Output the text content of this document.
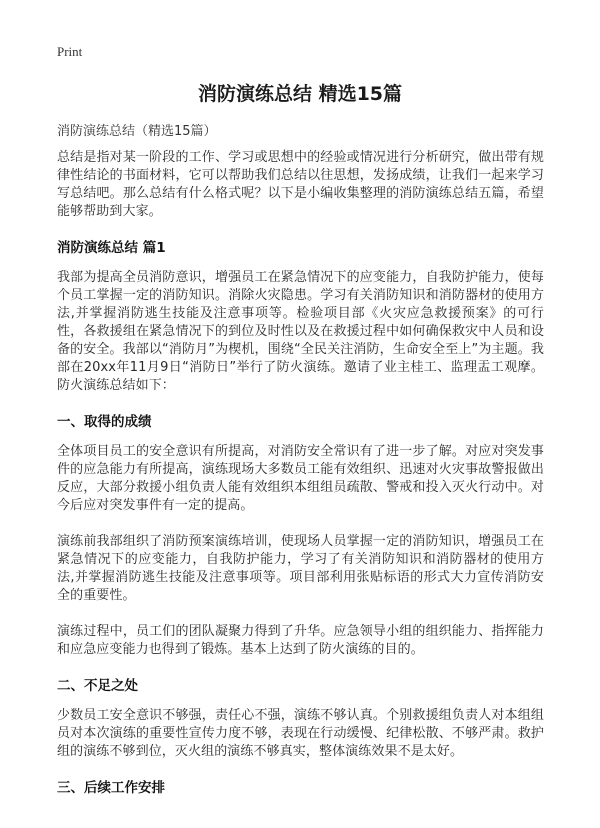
Print
消防演练总结 精选15篇

消防演练总结（精选15篇）

总结是指对某一阶段的工作、学习或思想中的经验或情况进行分析研究，做出带有规律性结论的书面材料，它可以帮助我们总结以往思想，发扬成绩，让我们一起来学习写总结吧。那么总结有什么格式呢？以下是小编收集整理的消防演练总结五篇，希望能够帮助到大家。

消防演练总结 篇1

我部为提高全员消防意识，增强员工在紧急情况下的应变能力，自我防护能力，使每个员工掌握一定的消防知识。消除火灾隐患。学习有关消防知识和消防器材的使用方法,并掌握消防逃生技能及注意事项等。检验项目部《火灾应急救援预案》的可行性，各救援组在紧急情况下的到位及时性以及在救援过程中如何确保救灾中人员和设备的安全。我部以“消防月”为楔机，围绕“全民关注消防，生命安全至上”为主题。我部在20xx年11月9日“消防日”举行了防火演练。邀请了业主桂工、监理盂工观摩。防火演练总结如下：

一、取得的成绩

全体项目员工的安全意识有所提高，对消防安全常识有了进一步了解。对应对突发事件的应急能力有所提高，演练现场大多数员工能有效组织、迅速对火灾事故警报做出反应，大部分救援小组负责人能有效组织本组组员疏散、警戒和投入灭火行动中。对今后应对突发事件有一定的提高。

演练前我部组织了消防预案演练培训，使现场人员掌握一定的消防知识，增强员工在紧急情况下的应变能力，自我防护能力，学习了有关消防知识和消防器材的使用方法,并掌握消防逃生技能及注意事项等。项目部利用张贴标语的形式大力宣传消防安全的重要性。

演练过程中，员工们的团队凝聚力得到了升华。应急领导小组的组织能力、指挥能力和应急应变能力也得到了锻炼。基本上达到了防火演练的目的。

二、不足之处

少数员工安全意识不够强，责任心不强，演练不够认真。个别救援组负责人对本组组员对本次演练的重要性宣传力度不够，表现在行动缓慢、纪律松散、不够严肃。救护组的演练不够到位，灭火组的演练不够真实，整体演练效果不是太好。

三、后续工作安排
